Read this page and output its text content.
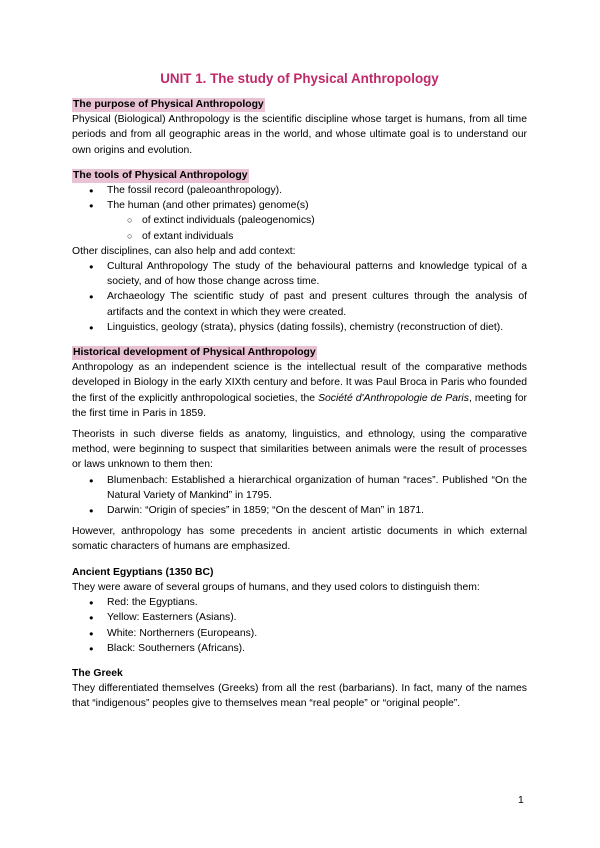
UNIT 1. The study of Physical Anthropology

The purpose of Physical Anthropology

Physical (Biological) Anthropology is the scientific discipline whose target is humans, from all time periods and from all geographic areas in the world, and whose ultimate goal is to understand our own origins and evolution.

The tools of Physical Anthropology

● The fossil record (paleoanthropology).
● The human (and other primates) genome(s)
○ of extinct individuals (paleogenomics)
○ of extant individuals

Other disciplines, can also help and add context:

● Cultural Anthropology The study of the behavioural patterns and knowledge typical of a society, and of how those change across time.
● Archaeology The scientific study of past and present cultures through the analysis of artifacts and the context in which they were created.
● Linguistics, geology (strata), physics (dating fossils), chemistry (reconstruction of diet).

Historical development of Physical Anthropology

Anthropology as an independent science is the intellectual result of the comparative methods developed in Biology in the early XIXth century and before. It was Paul Broca in Paris who founded the first of the explicitly anthropological societies, the Société d'Anthropologie de Paris, meeting for the first time in Paris in 1859.

Theorists in such diverse fields as anatomy, linguistics, and ethnology, using the comparative method, were beginning to suspect that similarities between animals were the result of processes or laws unknown to them then:

● Blumenbach: Established a hierarchical organization of human “races”. Published “On the Natural Variety of Mankind” in 1795.
● Darwin: “Origin of species” in 1859; “On the descent of Man” in 1871.

However, anthropology has some precedents in ancient artistic documents in which external somatic characters of humans are emphasized.

Ancient Egyptians (1350 BC)

They were aware of several groups of humans, and they used colors to distinguish them:

● Red: the Egyptians.
● Yellow: Easterners (Asians).
● White: Northerners (Europeans).
● Black: Southerners (Africans).

The Greek

They differentiated themselves (Greeks) from all the rest (barbarians). In fact, many of the names that “indigenous” peoples give to themselves mean “real people” or “original people”.

1
